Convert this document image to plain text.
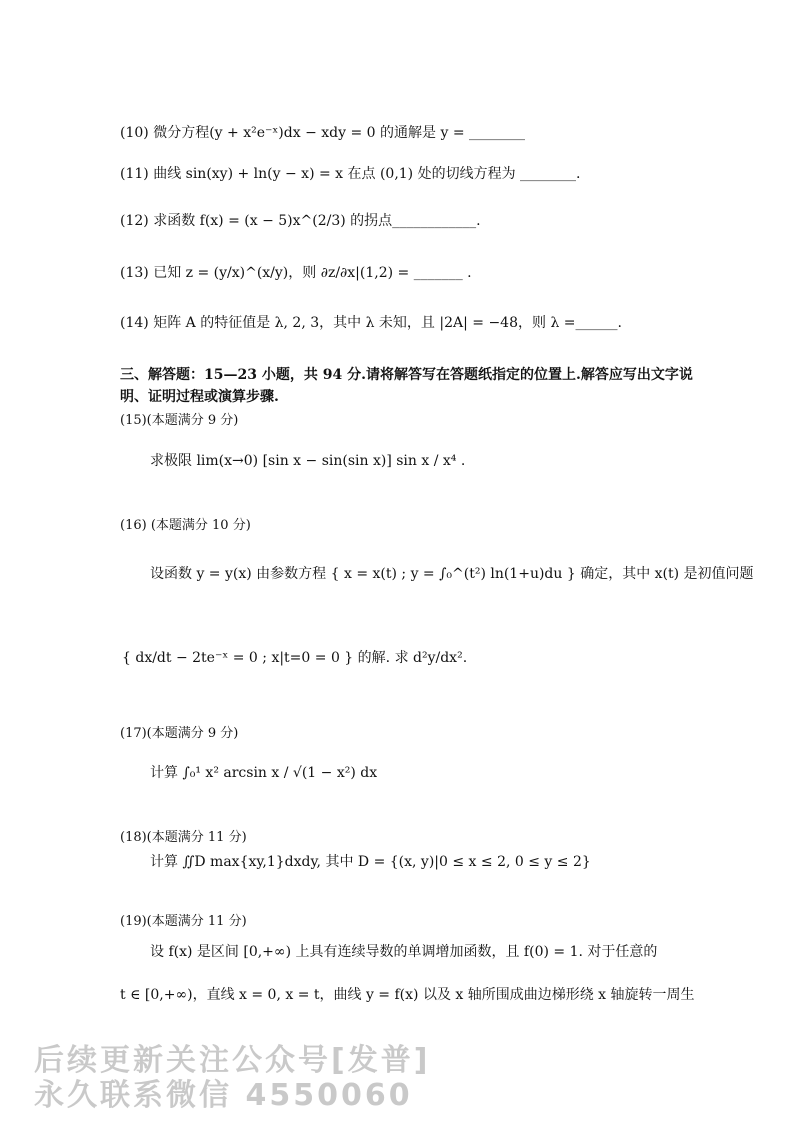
(10) 微分方程(y + x²e⁻ˣ)dx − xdy = 0 的通解是 y = ________
(11) 曲线 sin(xy) + ln(y − x) = x 在点 (0,1) 处的切线方程为 ________.
(12) 求函数 f(x) = (x − 5)x^(2/3) 的拐点____________.
(13) 已知 z = (y/x)^(x/y)，则 ∂z/∂x|(1,2) = _______ .
(14) 矩阵 A 的特征值是 λ, 2, 3，其中 λ 未知，且 |2A| = −48，则 λ =______.
三、解答题：15—23 小题，共 94 分.请将解答写在答题纸指定的位置上.解答应写出文字说
明、证明过程或演算步骤.
(15)(本题满分 9 分)
求极限 lim(x→0) [sin x − sin(sin x)] sin x / x⁴ .
(16) (本题满分 10 分)
设函数 y = y(x) 由参数方程 { x = x(t) ; y = ∫₀^(t²) ln(1+u)du } 确定，其中 x(t) 是初值问题
{ dx/dt − 2te⁻ˣ = 0 ; x|t=0 = 0 } 的解. 求 d²y/dx².
(17)(本题满分 9 分)
计算 ∫₀¹ x² arcsin x / √(1 − x²) dx
(18)(本题满分 11 分)
计算 ∬D max{xy,1}dxdy, 其中 D = {(x, y)|0 ≤ x ≤ 2, 0 ≤ y ≤ 2}
(19)(本题满分 11 分)
设 f(x) 是区间 [0,+∞) 上具有连续导数的单调增加函数，且 f(0) = 1. 对于任意的
t ∈ [0,+∞)，直线 x = 0, x = t，曲线 y = f(x) 以及 x 轴所围成曲边梯形绕 x 轴旋转一周生
后续更新关注公众号[发普]
永久联系微信 4550060
